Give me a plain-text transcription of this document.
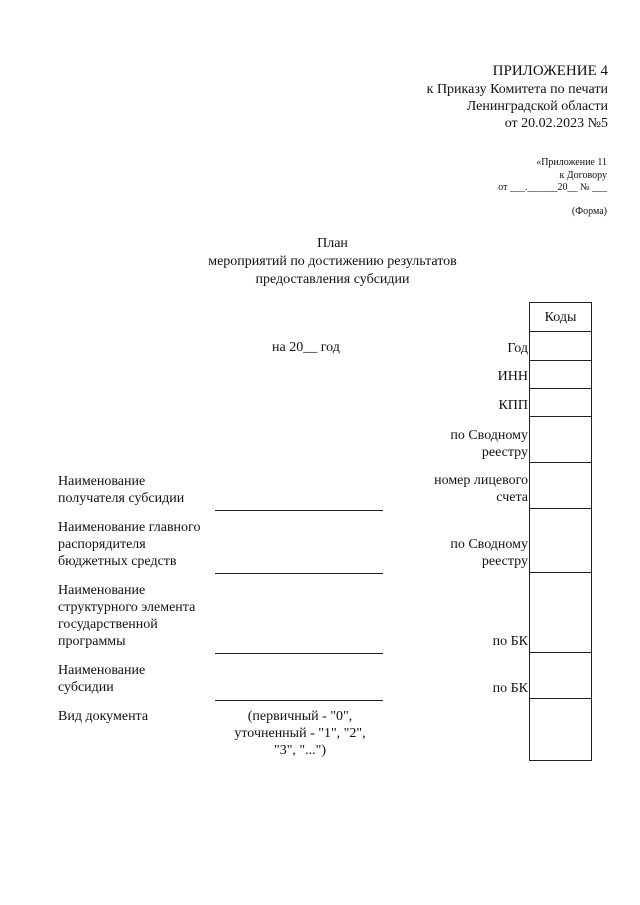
ПРИЛОЖЕНИЕ 4
к Приказу Комитета по печати
Ленинградской области
от 20.02.2023 №5
«Приложение 11
к Договору
от ___.______20__ № ___
(Форма)
План
мероприятий по достижению результатов
предоставления субсидии
на 20__ год
Коды
Год
ИНН
КПП
по Сводному
реестру
номер лицевого
счета
по Сводному
реестру
по БК
по БК
Наименование получателя субсидии
Наименование главного распорядителя бюджетных средств
Наименование структурного элемента государственной программы
Наименование субсидии
Вид документа	(первичный - "0",
уточненный - "1", "2",
"3", "...")
